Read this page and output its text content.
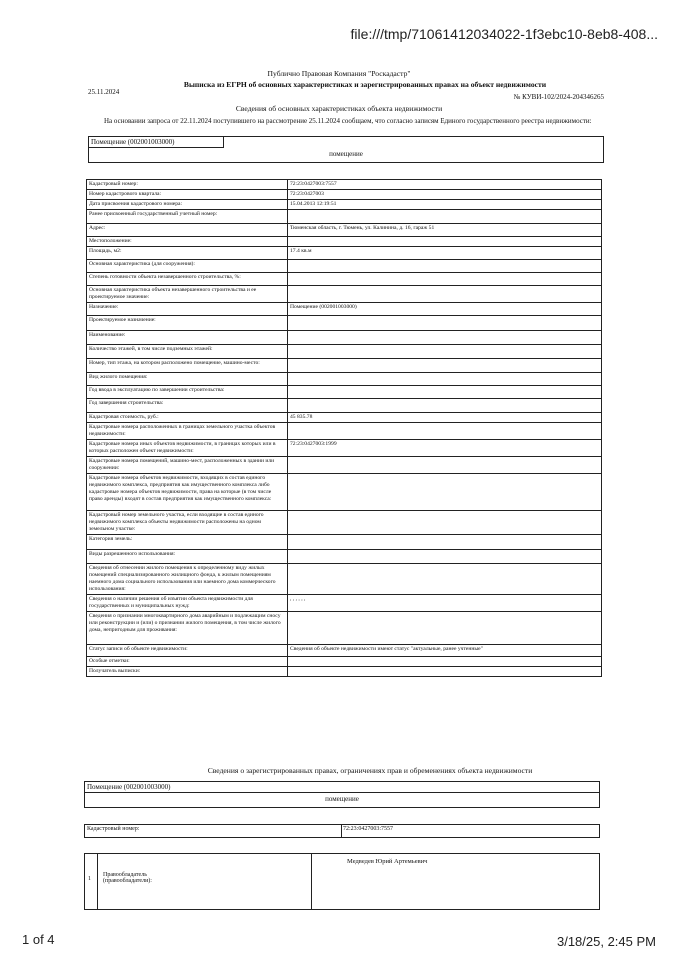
file:///tmp/71061412034022-1f3ebc10-8eb8-408...
Публично Правовая Компания "Роскадастр"
Выписка из ЕГРН об основных характеристиках и зарегистрированных правах на объект недвижимости
25.11.2024
№ КУВИ-102/2024-204346265
Сведения об основных характеристиках объекта недвижимости
На основании запроса от 22.11.2024 поступившего на рассмотрение 25.11.2024 сообщаем, что согласно записям Единого государственного реестра недвижимости:
Помещение (002001003000)
помещение
Кадастровый номер:	72:23:0427003:7557
Номер кадастрового квартала:	72:23:0427003
Дата присвоения кадастрового номера:	15.04.2013 12:19:51
Ранее присвоенный государственный учетный номер:	
Адрес:	Тюменская область, г. Тюмень, ул. Калинина, д. 16, гараж 51
Местоположение:	
Площадь, м2:	17.4 кв.м
Основная характеристика (для сооружения):	
Степень готовности объекта незавершенного строительства, %:	
Основная характеристика объекта незавершенного строительства и ее проектируемое значение:	
Назначение:	Помещение (002001003000)
Проектируемое назначение:	
Наименование:	
Количество этажей, в том числе подземных этажей:	
Номер, тип этажа, на котором расположено помещение, машино-место:	
Вид жилого помещения:	
Год ввода в эксплуатацию по завершении строительства:	
Год завершения строительства:	
Кадастровая стоимость, руб.:	45 835.78
Кадастровые номера расположенных в границах земельного участка объектов недвижимости:	
Кадастровые номера иных объектов недвижимости, в границах которых или в которых расположен объект недвижимости:	72:23:0427003:1999
Кадастровые номера помещений, машино-мест, расположенных в здании или сооружении:	
Кадастровые номера объектов недвижимости, входящих в состав единого недвижимого комплекса, предприятия как имущественного комплекса либо кадастровые номера объектов недвижимости, права на которые (в том числе право аренды) входят в состав предприятия как имущественного комплекса:	
Кадастровый номер земельного участка, если входящие в состав единого недвижимого комплекса объекты недвижимости расположены на одном земельном участке:	
Категория земель:	
Виды разрешенного использования:	
Сведения об отнесении жилого помещения к определенному виду жилых помещений специализированного жилищного фонда, к жилым помещениям наемного дома социального использования или наемного дома коммерческого использования:	
Сведения о наличии решения об изъятии объекта недвижимости для государственных и муниципальных нужд:	, , , , , ,
Сведения о признании многоквартирного дома аварийным и подлежащим сносу или реконструкции и (или) о признании жилого помещения, в том числе жилого дома, непригодным для проживания:	
Статус записи об объекте недвижимости:	Сведения об объекте недвижимости имеют статус "актуальные, ранее учтенные"
Особые отметки:	
Получатель выписки:	
Сведения о зарегистрированных правах, ограничениях прав и обременениях объекта недвижимости
Помещение (002001003000)
помещение
Кадастровый номер:	72:23:0427003:7557
1
Правообладатель (правообладатели):
Медведев Юрий Артемьевич
1 of 4	3/18/25, 2:45 PM
